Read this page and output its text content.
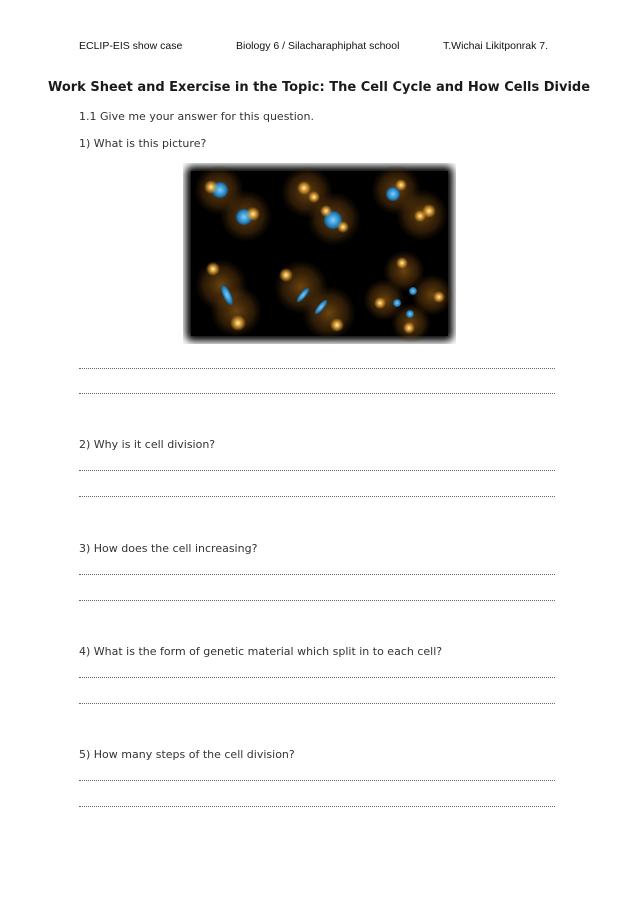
ECLIP-EIS show case	Biology 6 / Silacharaphiphat school	T.Wichai Likitponrak 7.
Work Sheet and Exercise in the Topic: The Cell Cycle and How Cells Divide
1.1 Give me your answer for this question.
1) What is this picture?
2) Why is it cell division?
3) How does the cell increasing?
4) What is the form of genetic material which split in to each cell?
5) How many steps of the cell division?
